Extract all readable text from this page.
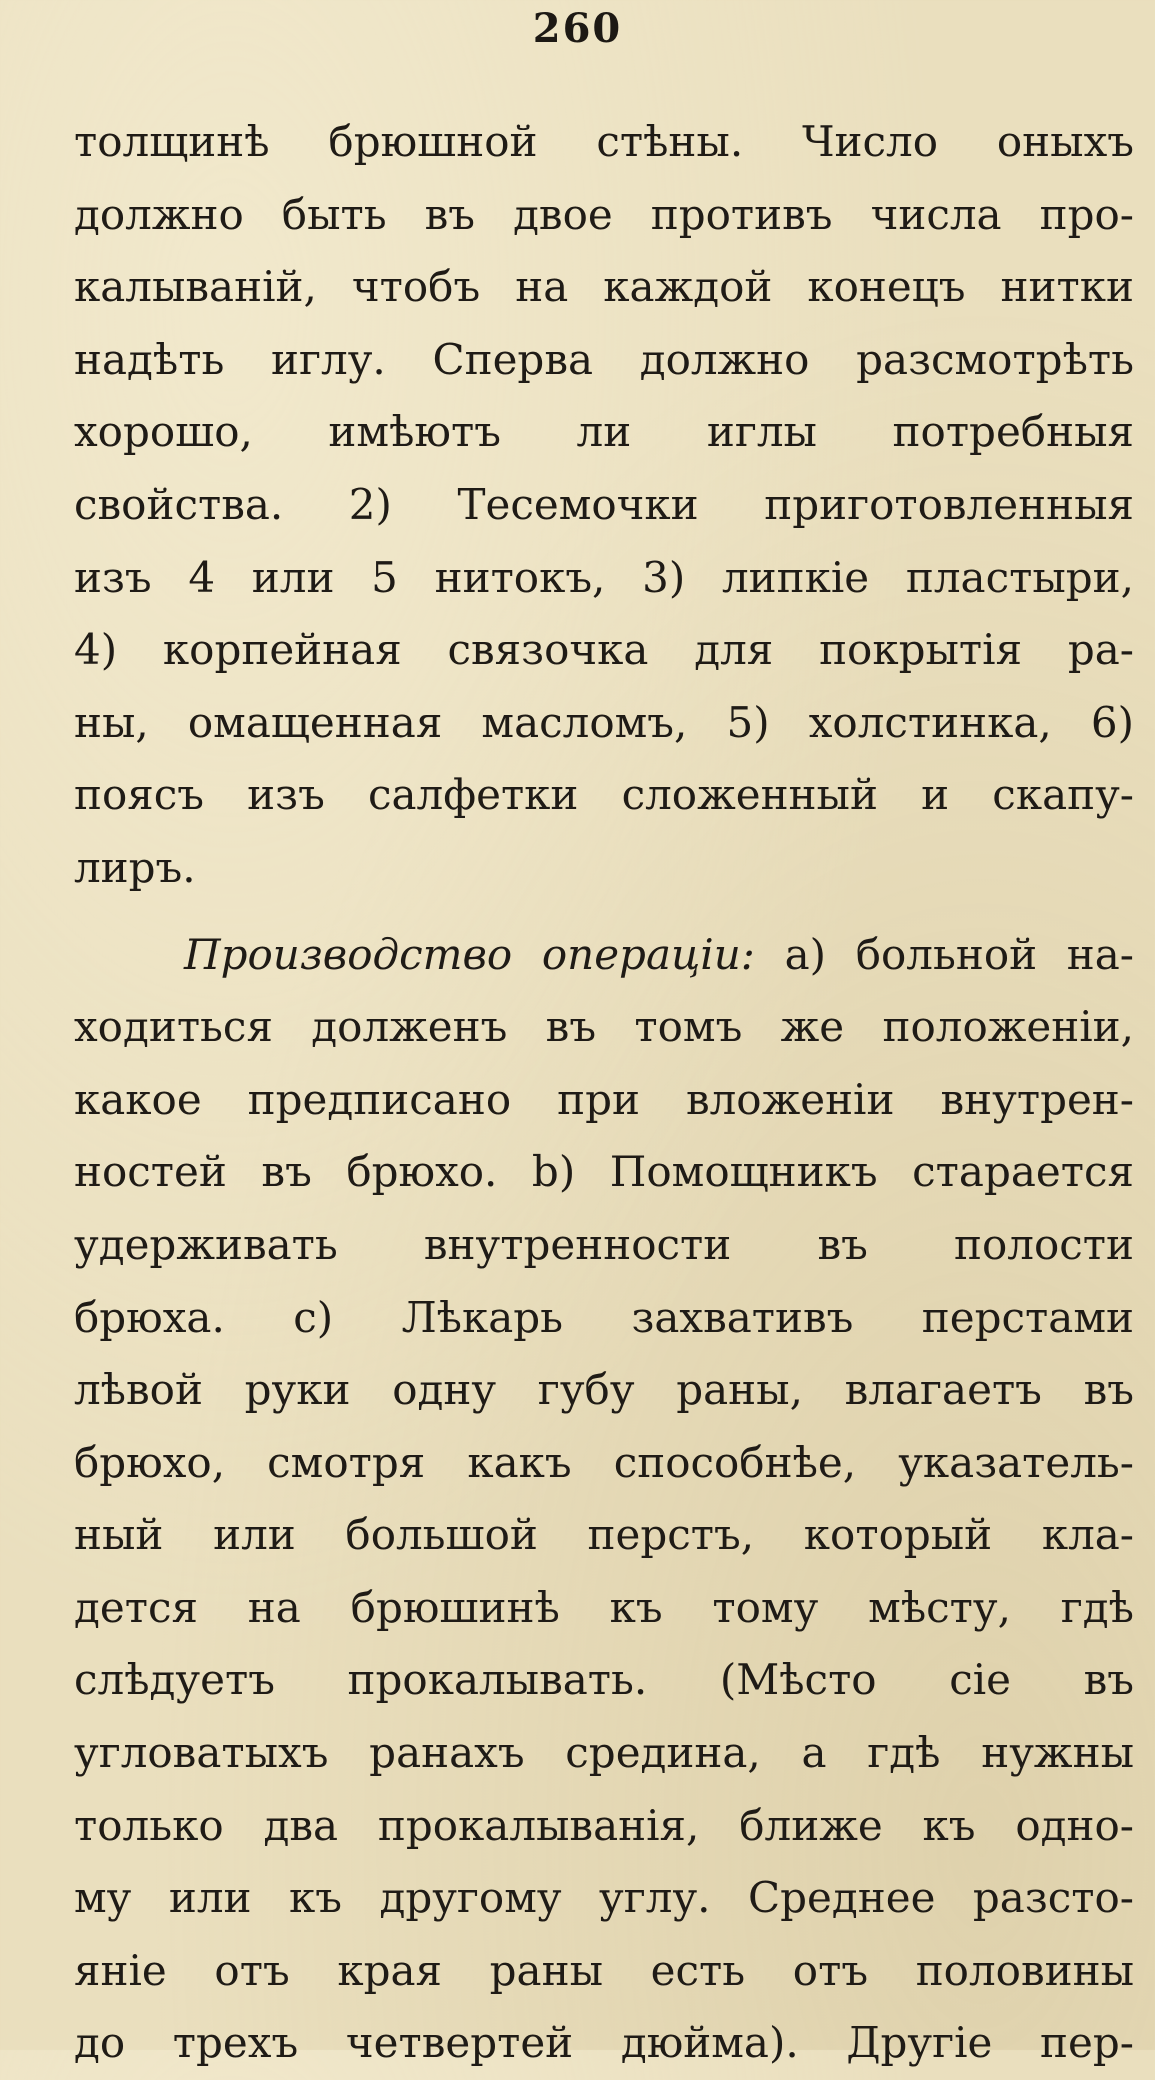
260
толщинѣ брюшной стѣны. Число оныхъ
должно быть въ двое противъ числа про-
калываній, чтобъ на каждой конецъ нитки
надѣть иглу. Сперва должно разсмотрѣть
хорошо, имѣютъ ли иглы потребныя
свойства. 2) Тесемочки приготовленныя
изъ 4 или 5 нитокъ, 3) липкіе пластыри,
4) корпейная связочка для покрытія ра-
ны, омащенная масломъ, 5) холстинка, 6)
поясъ изъ салфетки сложенный и скапу-
лиръ.
Производство операціи: а) больной на-
ходиться долженъ въ томъ же положеніи,
какое предписано при вложеніи внутрен-
ностей въ брюхо. b) Помощникъ старается
удерживать внутренности въ полости
брюха. c) Лѣкарь захвативъ перстами
лѣвой руки одну губу раны, влагаетъ въ
брюхо, смотря какъ способнѣе, указатель-
ный или большой перстъ, который кла-
дется на брюшинѣ къ тому мѣсту, гдѣ
слѣдуетъ прокалывать. (Мѣсто сіе въ
угловатыхъ ранахъ средина, а гдѣ нужны
только два прокалыванія, ближе къ одно-
му или къ другому углу. Среднее разсто-
яніе отъ края раны есть отъ половины
до трехъ четвертей дюйма). Другіе пер-
